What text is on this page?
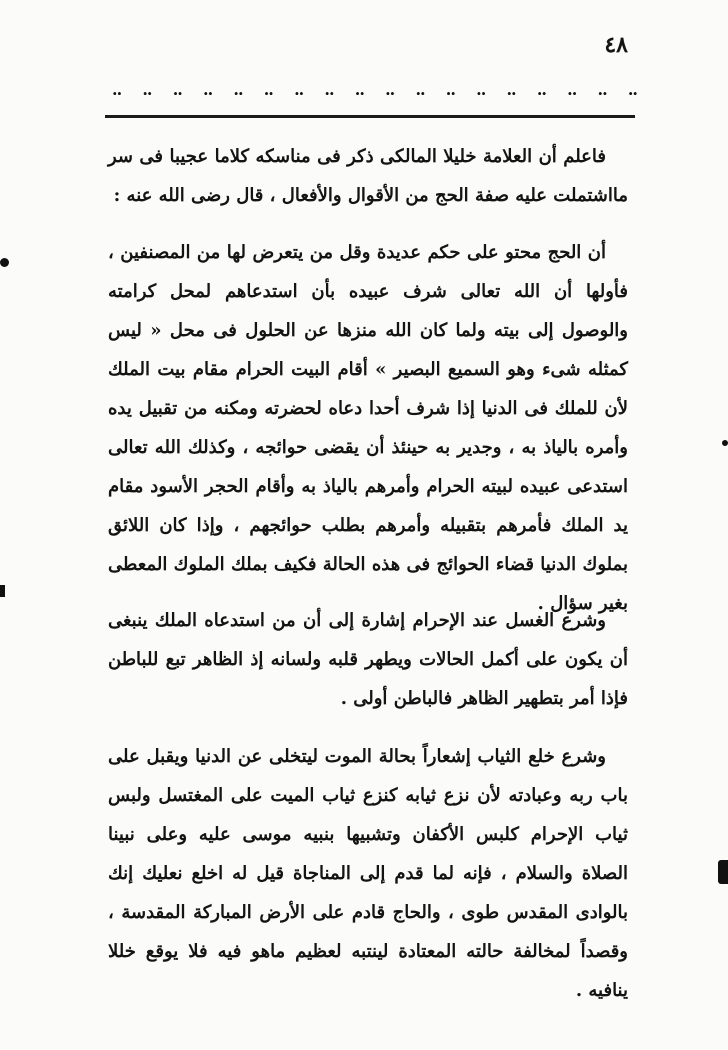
٤٨
.. .. .. .. .. .. .. .. .. .. .. .. .. .. .. .. .. ..

فاعلم أن العلامة خليلا المالكى ذكر فى مناسكه كلاما عجيبا فى سر مااشتملت عليه صفة الحج من الأقوال والأفعال ، قال رضى الله عنه :

أن الحج محتو على حكم عديدة وقل من يتعرض لها من المصنفين ، فأولها أن الله تعالى شرف عبيده بأن استدعاهم لمحل كرامته والوصول إلى بيته ولما كان الله منزها عن الحلول فى محل « ليس كمثله شىء وهو السميع البصير » أقام البيت الحرام مقام بيت الملك لأن للملك فى الدنيا إذا شرف أحدا دعاه لحضرته ومكنه من تقبيل يده وأمره بالياذ به ، وجدير به حينئذ أن يقضى حوائجه ، وكذلك الله تعالى استدعى عبيده لبيته الحرام وأمرهم بالياذ به وأقام الحجر الأسود مقام يد الملك فأمرهم بتقبيله وأمرهم بطلب حوائجهم ، وإذا كان اللائق بملوك الدنيا قضاء الحوائج فى هذه الحالة فكيف بملك الملوك المعطى بغير سؤال .

وشرع الغسل عند الإحرام إشارة إلى أن من استدعاه الملك ينبغى أن يكون على أكمل الحالات ويطهر قلبه ولسانه إذ الظاهر تبع للباطن فإذا أمر بتطهير الظاهر فالباطن أولى .

وشرع خلع الثياب إشعاراً بحالة الموت ليتخلى عن الدنيا ويقبل على باب ربه وعبادته لأن نزع ثيابه كنزع ثياب الميت على المغتسل ولبس ثياب الإحرام كلبس الأكفان وتشبيها بنبيه موسى عليه وعلى نبينا الصلاة والسلام ، فإنه لما قدم إلى المناجاة قيل له اخلع نعليك إنك بالوادى المقدس طوى ، والحاج قادم على الأرض المباركة المقدسة ، وقصداً لمخالفة حالته المعتادة لينتبه لعظيم ماهو فيه فلا يوقع خللا ينافيه .
